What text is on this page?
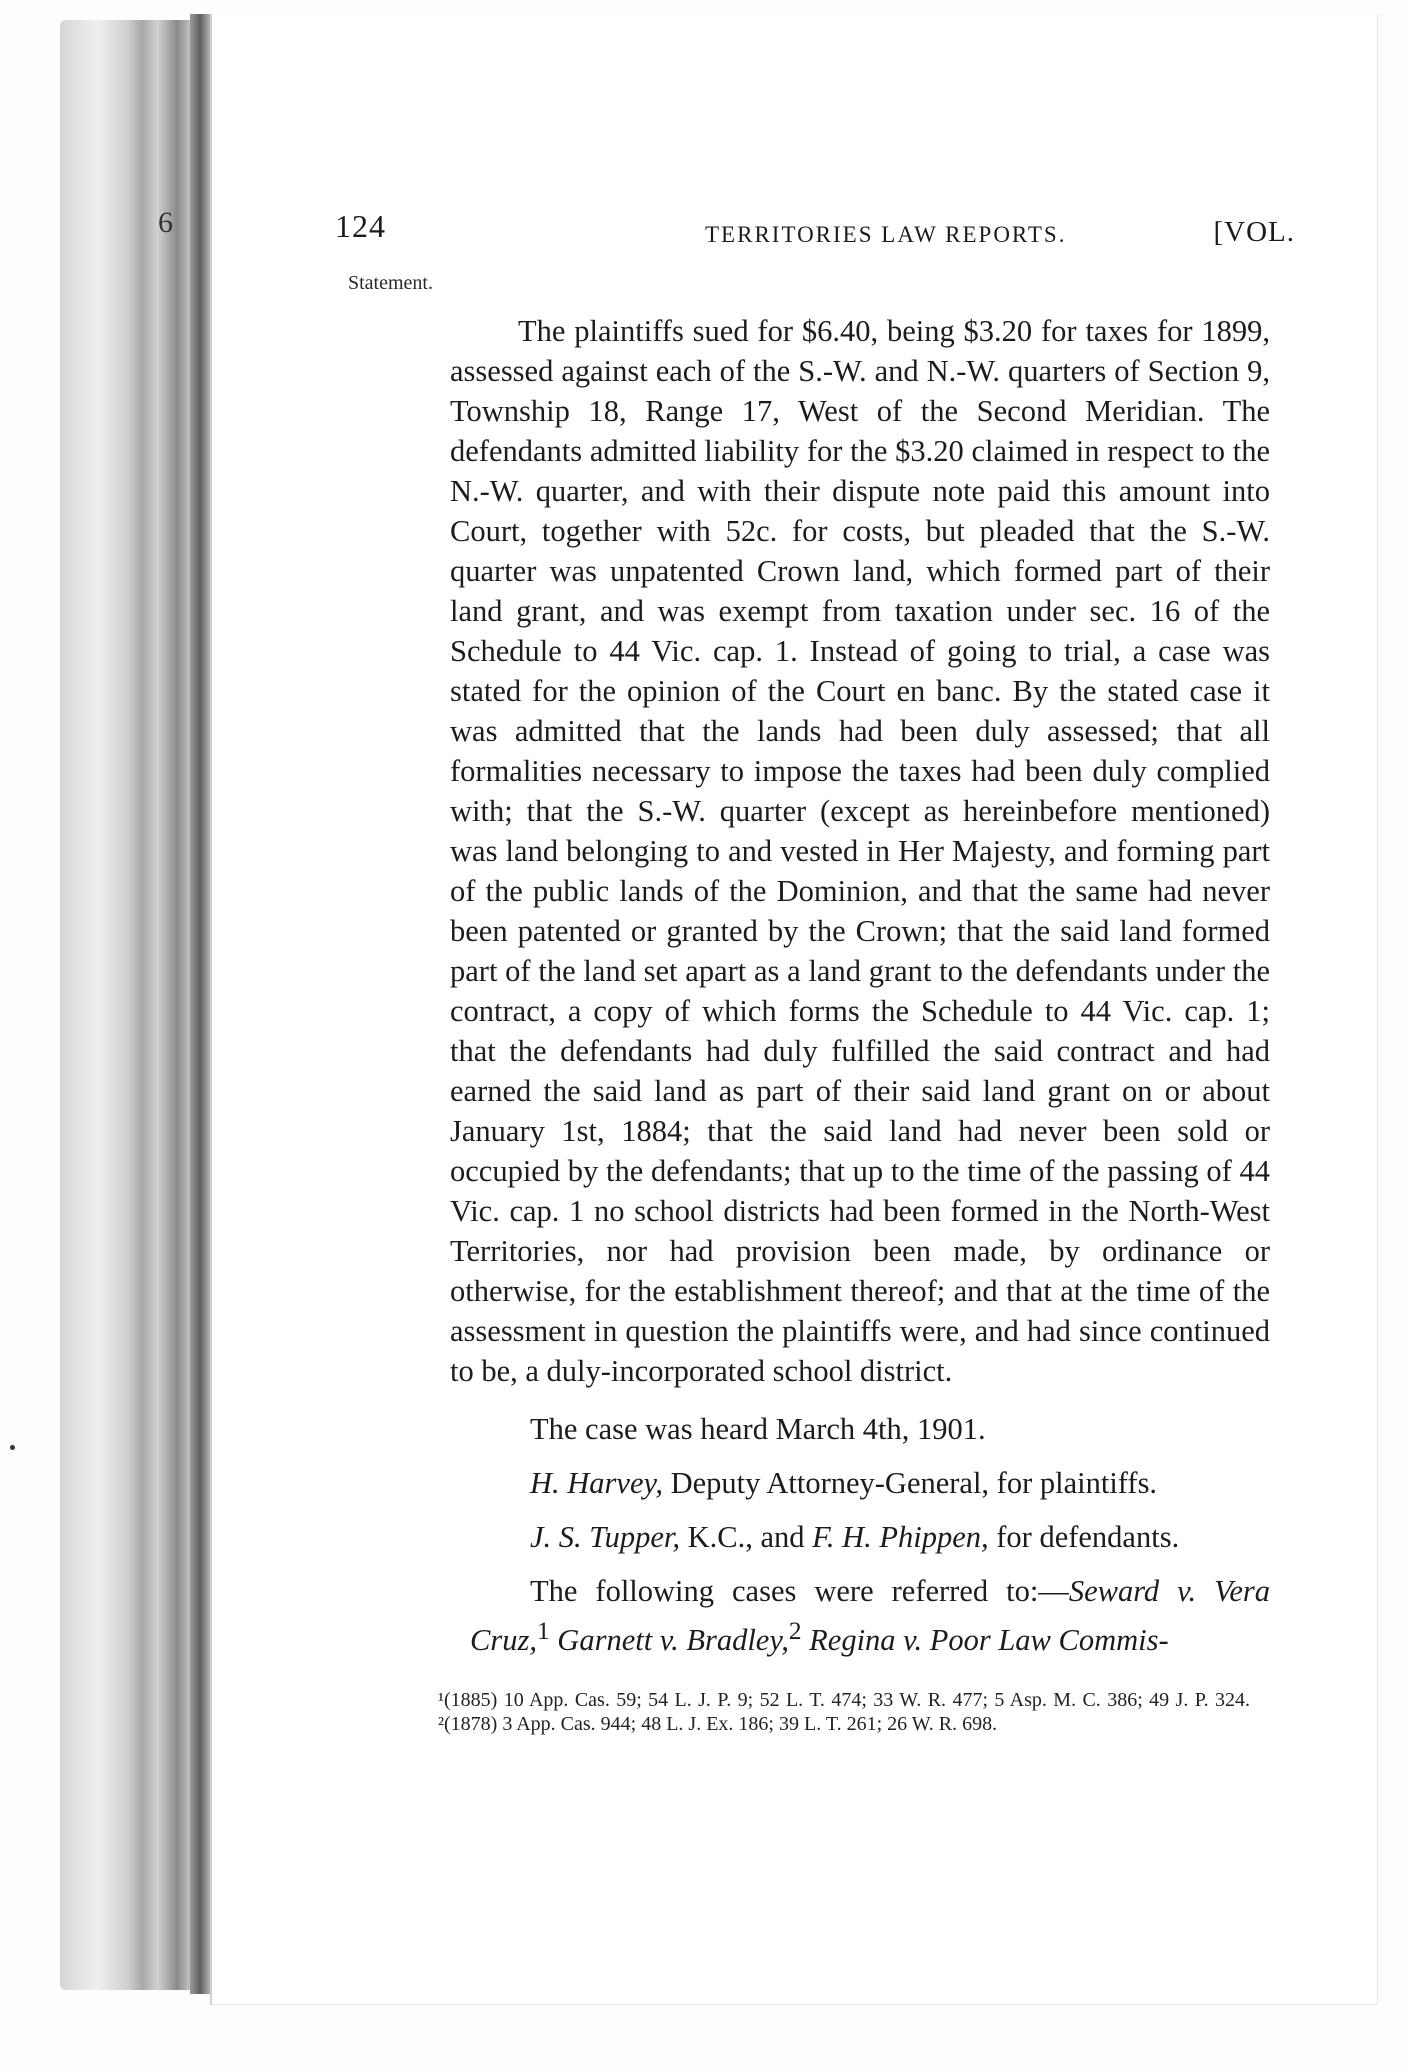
6	124	TERRITORIES LAW REPORTS.	[VOL.
Statement.

The plaintiffs sued for $6.40, being $3.20 for taxes for 1899, assessed against each of the S.-W. and N.-W. quarters of Section 9, Township 18, Range 17, West of the Second Meridian. The defendants admitted liability for the $3.20 claimed in respect to the N.-W. quarter, and with their dispute note paid this amount into Court, together with 52c. for costs, but pleaded that the S.-W. quarter was unpatented Crown land, which formed part of their land grant, and was exempt from taxation under sec. 16 of the Schedule to 44 Vic. cap. 1. Instead of going to trial, a case was stated for the opinion of the Court en banc. By the stated case it was admitted that the lands had been duly assessed; that all formalities necessary to impose the taxes had been duly complied with; that the S.-W. quarter (except as hereinbefore mentioned) was land belonging to and vested in Her Majesty, and forming part of the public lands of the Dominion, and that the same had never been patented or granted by the Crown; that the said land formed part of the land set apart as a land grant to the defendants under the contract, a copy of which forms the Schedule to 44 Vic. cap. 1; that the defendants had duly fulfilled the said contract and had earned the said land as part of their said land grant on or about January 1st, 1884; that the said land had never been sold or occupied by the defendants; that up to the time of the passing of 44 Vic. cap. 1 no school districts had been formed in the North-West Territories, nor had provision been made, by ordinance or otherwise, for the establishment thereof; and that at the time of the assessment in question the plaintiffs were, and had since continued to be, a duly-incorporated school district.

The case was heard March 4th, 1901.

H. Harvey, Deputy Attorney-General, for plaintiffs.

J. S. Tupper, K.C., and F. H. Phippen, for defendants.

The following cases were referred to:—Seward v. Vera Cruz,$^1$ Garnett v. Bradley,$^2$ Regina v. Poor Law Commis-

¹(1885) 10 App. Cas. 59; 54 L. J. P. 9; 52 L. T. 474; 33 W. R. 477; 5 Asp. M. C. 386; 49 J. P. 324. ²(1878) 3 App. Cas. 944; 48 L. J. Ex. 186; 39 L. T. 261; 26 W. R. 698.
